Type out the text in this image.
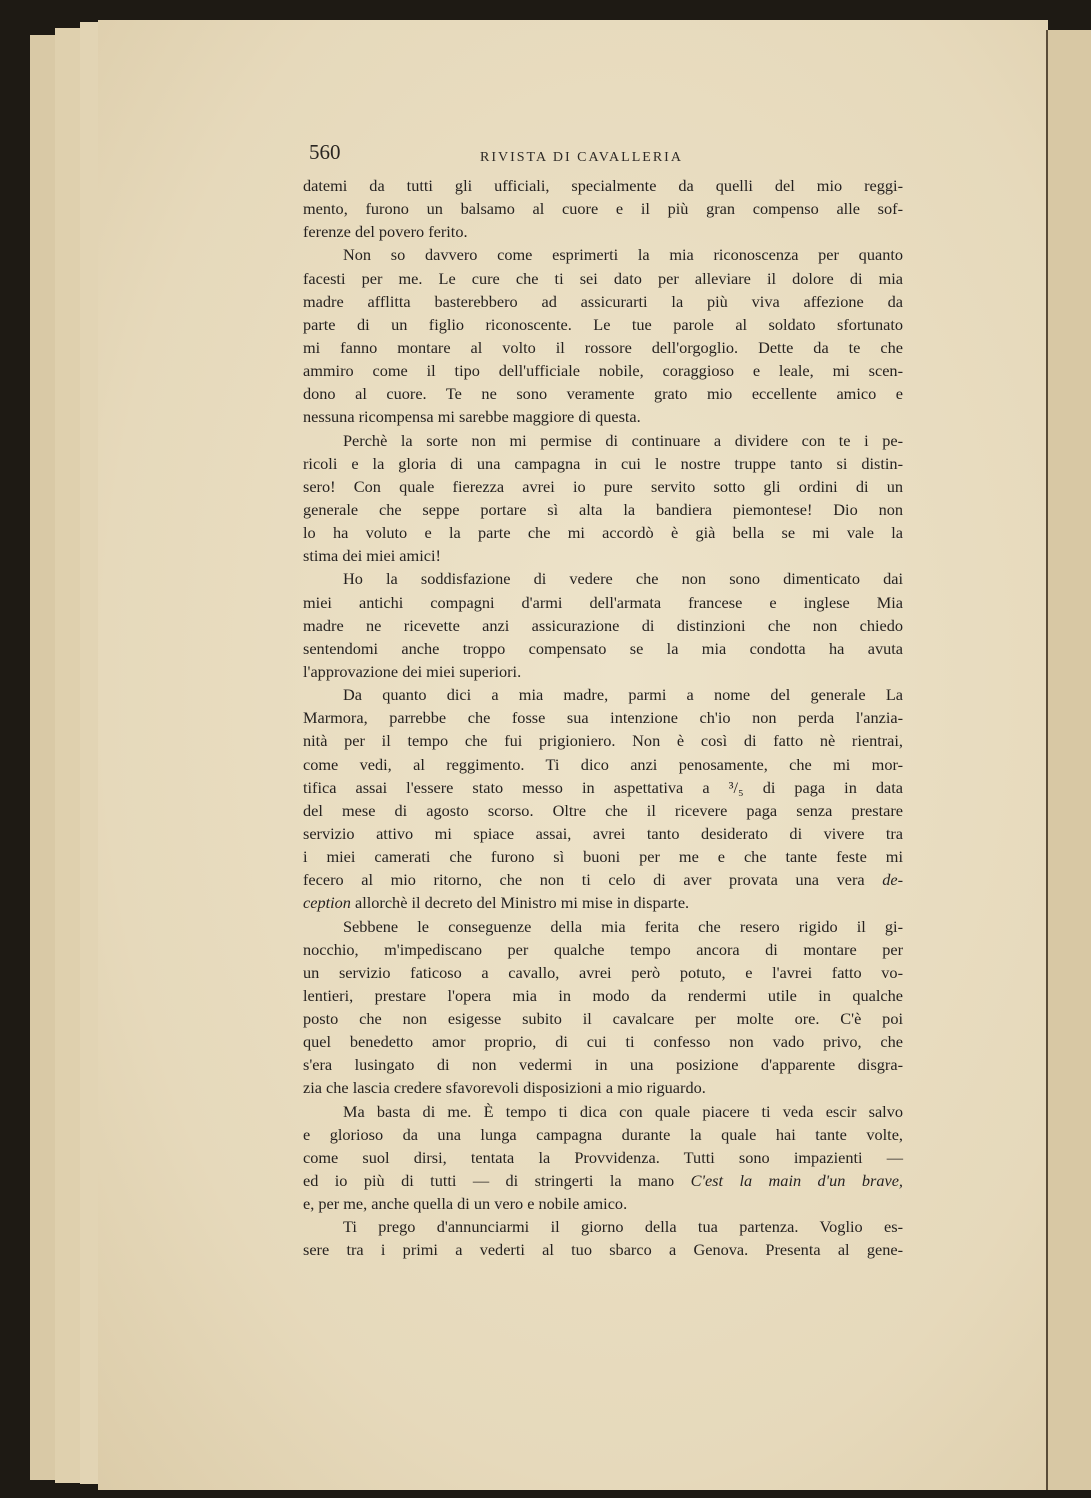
560	RIVISTA DI CAVALLERIA
datemi da tutti gli ufficiali, specialmente da quelli del mio reggi-
mento, furono un balsamo al cuore e il più gran compenso alle sof-
ferenze del povero ferito.
Non so davvero come esprimerti la mia riconoscenza per quanto
facesti per me. Le cure che ti sei dato per alleviare il dolore di mia
madre afflitta basterebbero ad assicurarti la più viva affezione da
parte di un figlio riconoscente. Le tue parole al soldato sfortunato
mi fanno montare al volto il rossore dell'orgoglio. Dette da te che
ammiro come il tipo dell'ufficiale nobile, coraggioso e leale, mi scen-
dono al cuore. Te ne sono veramente grato mio eccellente amico e
nessuna ricompensa mi sarebbe maggiore di questa.
Perchè la sorte non mi permise di continuare a dividere con te i pe-
ricoli e la gloria di una campagna in cui le nostre truppe tanto si distin-
sero! Con quale fierezza avrei io pure servito sotto gli ordini di un
generale che seppe portare sì alta la bandiera piemontese! Dio non
lo ha voluto e la parte che mi accordò è già bella se mi vale la
stima dei miei amici!
Ho la soddisfazione di vedere che non sono dimenticato dai
miei antichi compagni d'armi dell'armata francese e inglese Mia
madre ne ricevette anzi assicurazione di distinzioni che non chiedo
sentendomi anche troppo compensato se la mia condotta ha avuta
l'approvazione dei miei superiori.
Da quanto dici a mia madre, parmi a nome del generale La
Marmora, parrebbe che fosse sua intenzione ch'io non perda l'anzia-
nità per il tempo che fui prigioniero. Non è così di fatto nè rientrai,
come vedi, al reggimento. Ti dico anzi penosamente, che mi mor-
tifica assai l'essere stato messo in aspettativa a ³/₅ di paga in data
del mese di agosto scorso. Oltre che il ricevere paga senza prestare
servizio attivo mi spiace assai, avrei tanto desiderato di vivere tra
i miei camerati che furono sì buoni per me e che tante feste mi
fecero al mio ritorno, che non ti celo di aver provata una vera de-
ception allorchè il decreto del Ministro mi mise in disparte.
Sebbene le conseguenze della mia ferita che resero rigido il gi-
nocchio, m'impediscano per qualche tempo ancora di montare per
un servizio faticoso a cavallo, avrei però potuto, e l'avrei fatto vo-
lentieri, prestare l'opera mia in modo da rendermi utile in qualche
posto che non esigesse subito il cavalcare per molte ore. C'è poi
quel benedetto amor proprio, di cui ti confesso non vado privo, che
s'era lusingato di non vedermi in una posizione d'apparente disgra-
zia che lascia credere sfavorevoli disposizioni a mio riguardo.
Ma basta di me. È tempo ti dica con quale piacere ti veda escir salvo
e glorioso da una lunga campagna durante la quale hai tante volte,
come suol dirsi, tentata la Provvidenza. Tutti sono impazienti —
ed io più di tutti — di stringerti la mano C'est la main d'un brave,
e, per me, anche quella di un vero e nobile amico.
Ti prego d'annunciarmi il giorno della tua partenza. Voglio es-
sere tra i primi a vederti al tuo sbarco a Genova. Presenta al gene-
